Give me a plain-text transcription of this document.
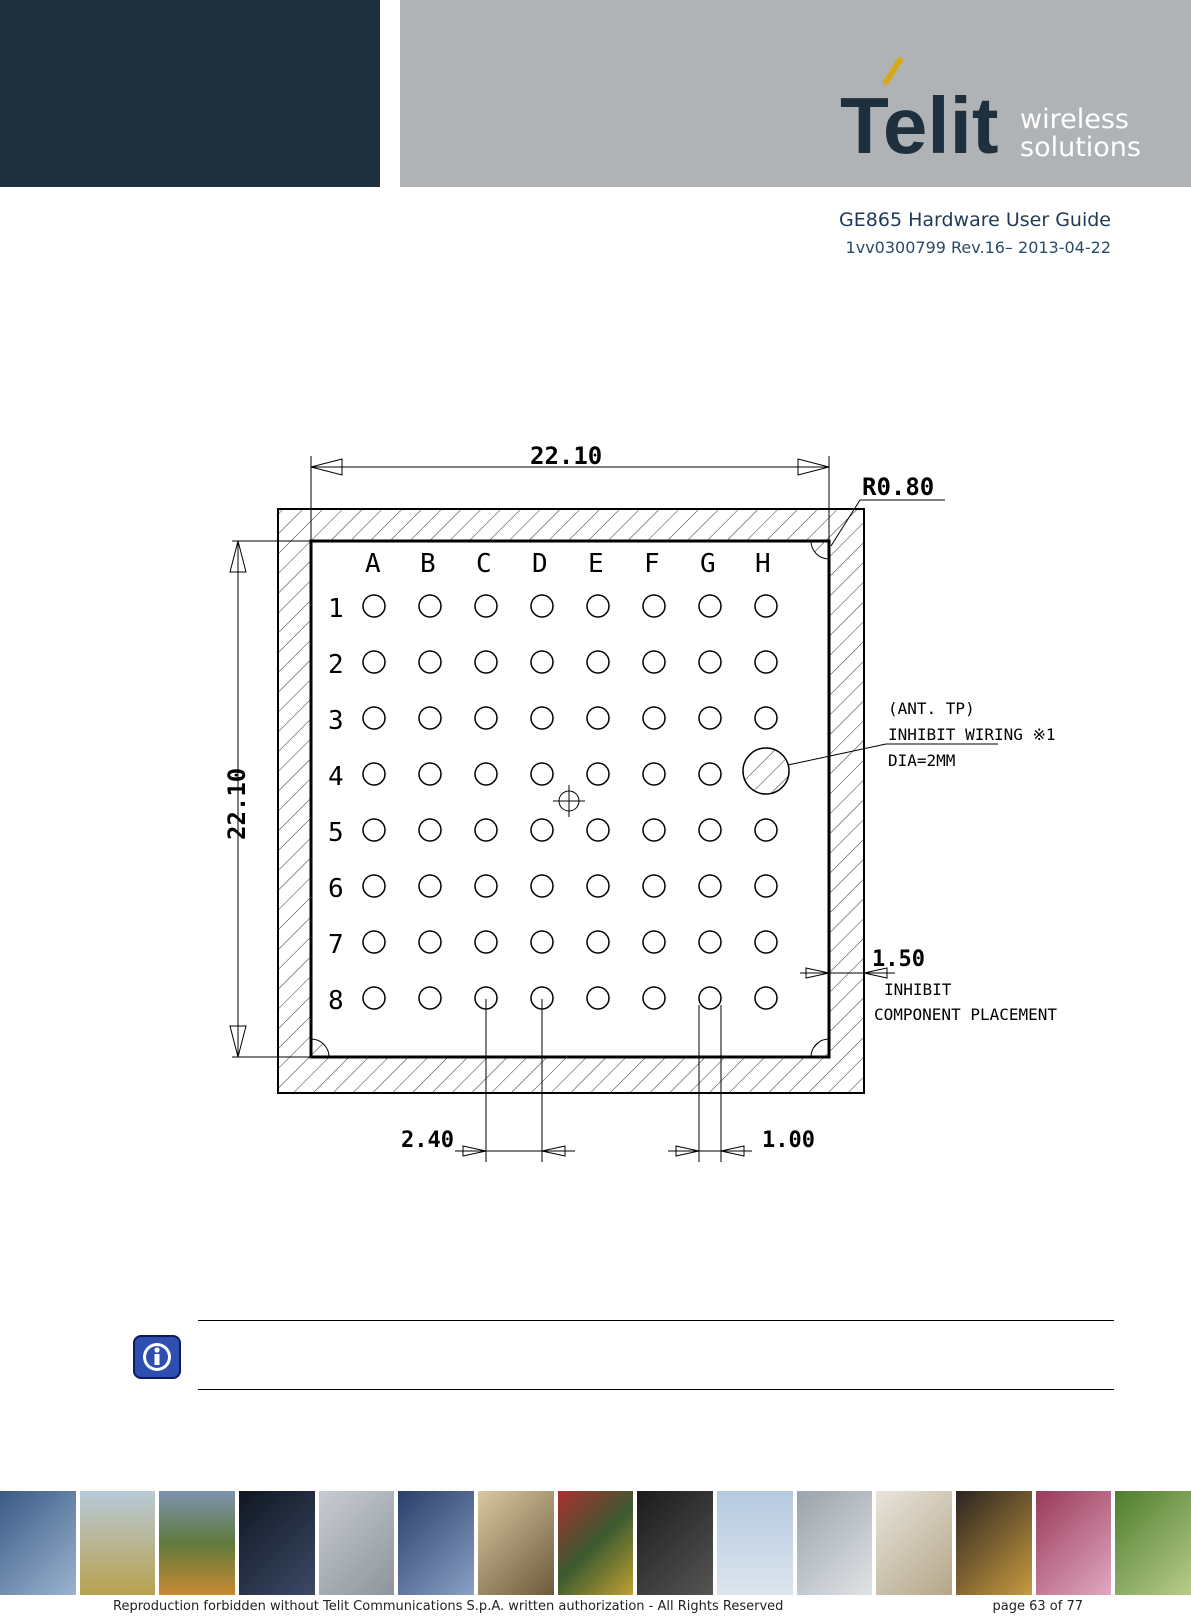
Telit wireless
solutions
GE865 Hardware User Guide
1vv0300799 Rev.16– 2013-04-22
22.10
R0.80
22.10
A B C D E F G H
1
2
3
4
5
6
7
8
(ANT. TP)
INHIBIT WIRING ※1
DIA=2MM
1.50
INHIBIT
COMPONENT PLACEMENT
2.40	1.00
Reproduction forbidden without Telit Communications S.p.A. written authorization - All Rights Reserved	page 63 of 77
